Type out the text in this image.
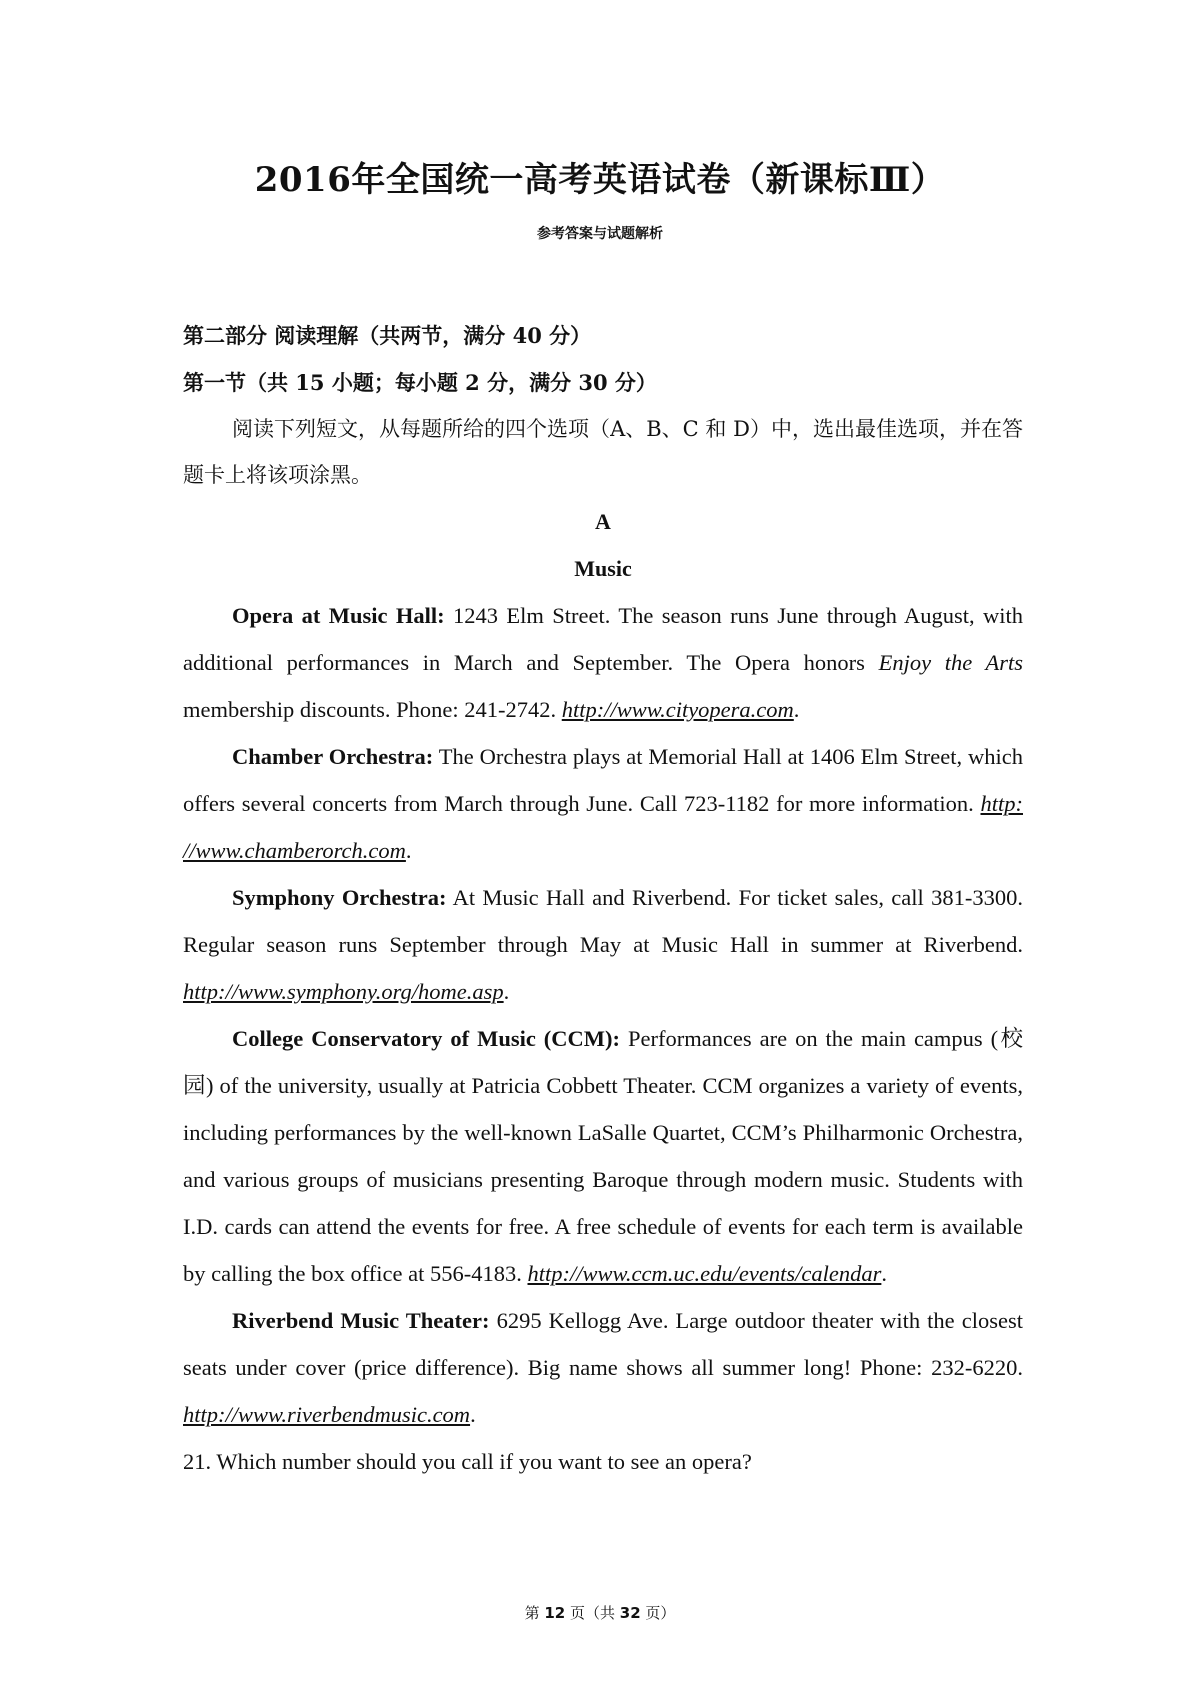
2016年全国统一高考英语试卷（新课标Ⅲ）
参考答案与试题解析

第二部分 阅读理解（共两节，满分 40 分）

第一节（共 15 小题；每小题 2 分，满分 30 分）

阅读下列短文，从每题所给的四个选项（A、B、C 和 D）中，选出最佳选项，并在答题卡上将该项涂黑。

A

Music

Opera at Music Hall: 1243 Elm Street. The season runs June through August, with additional performances in March and September. The Opera honors Enjoy the Arts membership discounts. Phone: 241-2742. http://www.cityopera.com.

Chamber Orchestra: The Orchestra plays at Memorial Hall at 1406 Elm Street, which offers several concerts from March through June. Call 723-1182 for more information. http: //www.chamberorch.com.

Symphony Orchestra: At Music Hall and Riverbend. For ticket sales, call 381-3300. Regular season runs September through May at Music Hall in summer at Riverbend. http://www.symphony.org/home.asp.

College Conservatory of Music (CCM): Performances are on the main campus (校园) of the university, usually at Patricia Cobbett Theater. CCM organizes a variety of events, including performances by the well-known LaSalle Quartet, CCM’s Philharmonic Orchestra, and various groups of musicians presenting Baroque through modern music. Students with I.D. cards can attend the events for free. A free schedule of events for each term is available by calling the box office at 556-4183. http://www.ccm.uc.edu/events/calendar.

Riverbend Music Theater: 6295 Kellogg Ave. Large outdoor theater with the closest seats under cover (price difference). Big name shows all summer long! Phone: 232-6220. http://www.riverbendmusic.com.

21. Which number should you call if you want to see an opera?

第 12 页（共 32 页）
